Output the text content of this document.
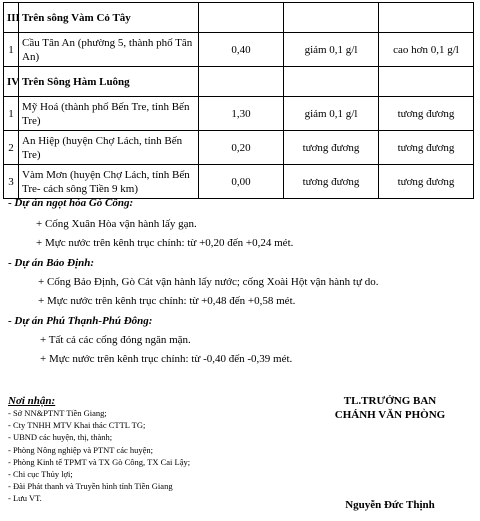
III	Trên sông Vàm Cỏ Tây			
1	Cầu Tân An (phường 5, thành phố Tân An)	0,40	giảm 0,1 g/l	cao hơn 0,1 g/l
IV	Trên Sông Hàm Luông			
1	Mỹ Hoá (thành phố Bến Tre, tỉnh Bến Tre)	1,30	giảm 0,1 g/l	tương đương
2	An Hiệp (huyện Chợ Lách, tỉnh Bến Tre)	0,20	tương đương	tương đương
3	Vàm Mơn (huyện Chợ Lách, tỉnh Bến Tre- cách sông Tiền 9 km)	0,00	tương đương	tương đương
- Dự án ngọt hóa Gò Công:
+ Cống Xuân Hòa vận hành lấy gạn.
+ Mực nước trên kênh trục chính: từ +0,20 đến +0,24 mét.
- Dự án Bảo Định:
+ Cống Bảo Định, Gò Cát vận hành lấy nước; cống Xoài Hột vận hành tự do.
+ Mực nước trên kênh trục chính: từ +0,48 đến +0,58 mét.
- Dự án Phú Thạnh-Phú Đông:
+ Tất cả các cống đóng ngăn mặn.
+ Mực nước trên kênh trục chính: từ -0,40 đến -0,39 mét.
Nơi nhận:
- Sở NN&PTNT Tiền Giang;
- Cty TNHH MTV Khai thác CTTL TG;
- UBND các huyện, thị, thành;
- Phòng Nông nghiệp và PTNT các huyện;
- Phòng Kinh tế TPMT và TX Gò Công, TX Cai Lậy;
- Chi cục Thủy lợi;
- Đài Phát thanh và Truyền hình tỉnh Tiền Giang
- Lưu VT.
TL.TRƯỞNG BAN
CHÁNH VĂN PHÒNG
Nguyễn Đức Thịnh
